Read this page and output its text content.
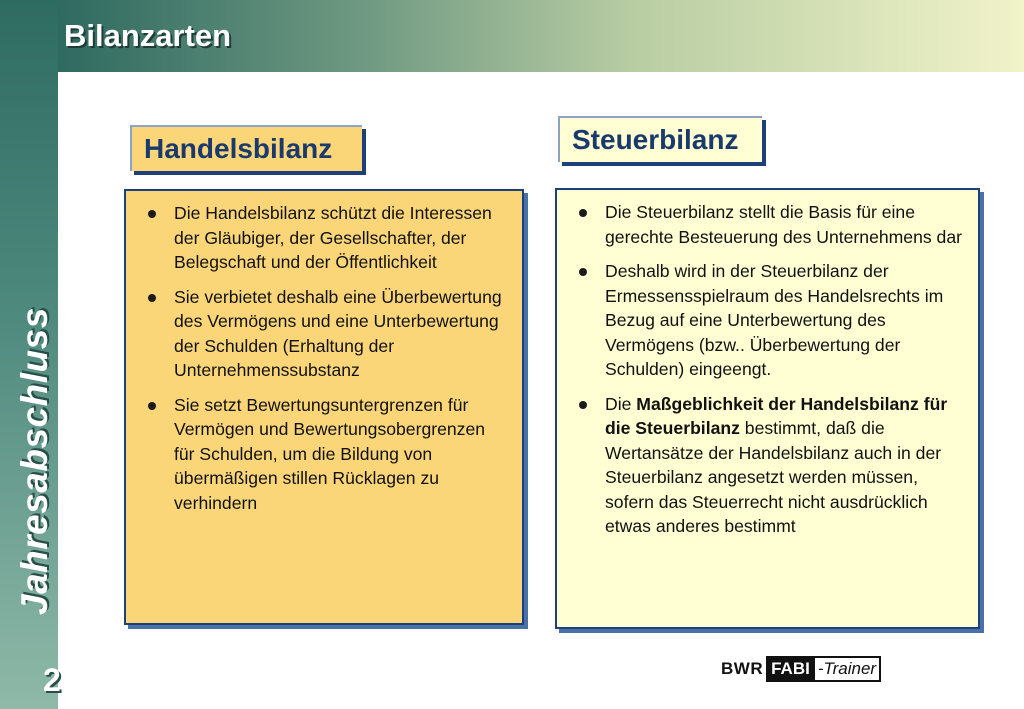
Jahresabschluss
2
Bilanzarten
Handelsbilanz	Steuerbilanz
Die Handelsbilanz schützt die Interessen der Gläubiger, der Gesellschafter, der Belegschaft und der Öffentlichkeit
Sie verbietet deshalb eine Überbewertung des Vermögens und eine Unterbewertung der Schulden (Erhaltung der Unternehmenssubstanz
Sie setzt Bewertungsuntergrenzen für Vermögen und Bewertungsobergrenzen für Schulden, um die Bildung von übermäßigen stillen Rücklagen zu verhindern
Die Steuerbilanz stellt die Basis für eine gerechte Besteuerung des Unternehmens dar
Deshalb wird in der Steuerbilanz der Ermessensspielraum des Handelsrechts im Bezug auf eine Unterbewertung des Vermögens (bzw.. Überbewertung der Schulden) eingeengt.
Die Maßgeblichkeit der Handelsbilanz für die Steuerbilanz bestimmt, daß die Wertansätze der Handelsbilanz auch in der Steuerbilanz angesetzt werden müssen, sofern das Steuerrecht nicht ausdrücklich etwas anderes bestimmt
BWR FABI -Trainer
